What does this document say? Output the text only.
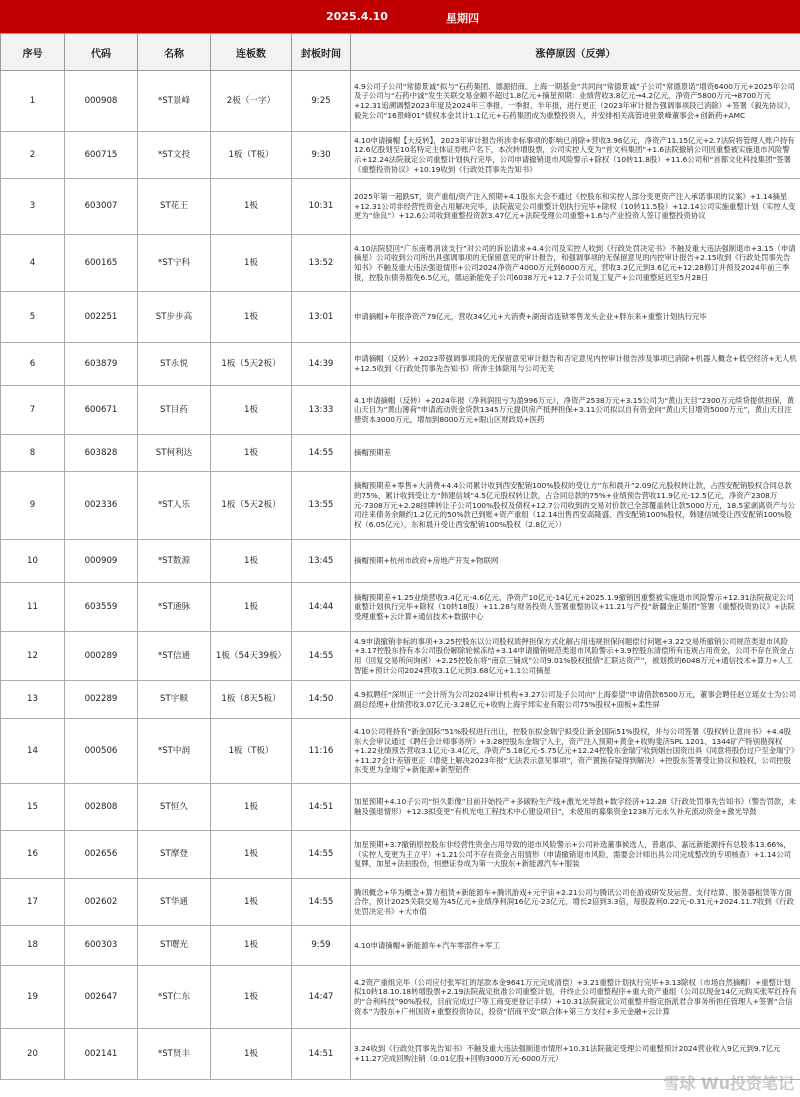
2025.4.10	星期四
序号	代码	名称	连板数	封板时间	涨停原因（反弹）
1	000908	*ST景峰	2板（一字）	9:25	4.9公司子公司“常德景诚”拟与“石药集团、德源招商、上海一期基金”共同向“常德景诚”子公司“常德景诺”增资6400万元+2025年公司及子公司与“石药中诚”发生关联交易金额不超过1.8亿元+摘星预期：业绩营收3.8亿元→4.2亿元，净资产5800万元→8700万元+12.31追溯调整2023年度及2024年三季报、一季报、半年报，进行更正（2023年审计报告强调事项段已消除）+签署《毅先协议》，毅先公司“16景峰01”债权本金共计1.1亿元+石药集团成为重整投资人，并安排相关高管进驻景峰董事会+创新药+AMC

2	600715	*ST文投	1板（T板）	9:30	4.10申请摘帽【大反转】，2023年审计报告所涉非标事项的影响已消除+营收3.96亿元，净资产11.15亿元+2.7法院将管理人账户持有12.6亿股划至10名特定主体证券账户名下，本次转增股票，公司实控人变为“首文科集团”+1.6法院撤销公司因重整被实施退市风险警示+12.24法院裁定公司重整计划执行完毕，公司申请撤销退市风险警示+除权（10转11.8股）+11.6公司和“首都文化科技集团”签署《重整投资协议》+10.19收到《行政处罚事先告知书》

3	603007	ST花王	1板	10:31	2025年第一超跌ST，资产重组/资产注入预期+4.1股东大会不通过《控股东和实控人部分变更资产注入承诺事项的议案》+1.14摘星+12.31公司非经营性资金占用解决完毕，法院裁定公司重整计划执行完毕+除权（10转11.5股）+12.14公司实施重整计划（实控人变更为“徐良”）+12.6公司收到重整投资款3.47亿元+法院受理公司重整+1.6与产业投资人签订重整投资协议

4	600165	*ST宁科	1板	13:52	4.10法院驳回“广东南粤消谈支行”对公司的诉讼请求+4.4公司及实控人收到《行政处罚决定书》不触及重大违法强制退市+3.15（申请摘星）公司收到公司所出具强调事项的无保留意见的审计报告，和强调事项的无保留意见的内控审计报告+2.15收到《行政处罚事先告知书》不触及重大违法强退情形+公司2024净资产4000万元到6000万元，营收3.2亿元到3.6亿元+12.28修订并预及2024年前三季报，控股东债务豁免6.5亿元，德运新能免子公司6038万元+12.7子公司复工复产+公司重整延迟至5月28日

5	002251	ST步步高	1板	13:01	申请摘帽+年报净资产79亿元，营收34亿元+大消费+湖南省连锁零售龙头企业+胖东来+重整计划执行完毕

6	603879	ST永悦	1板（5天2板）	14:39	申请摘帽（反转）+2023带强调事项段的无保留意见审计报告和否定意见内控审计报告涉及事项已消除+机器人概念+低空经济+无人机+12.5收到《行政处罚事先告知书》所涉主体除用与公司无关

7	600671	ST目药	1板	13:33	4.1申请摘帽（反转）+2024年报（净利润扭亏为盈996万元），净资产2538万元+3.15公司为“黄山天目”2300万元续贷提供担保，黄山天目为“黄山薄荷”申请流动资金贷款1345万元提供房产抵押担保+3.11公司拟以自有资金向“黄山天目增资5000万元”，黄山天目注册资本3000万元，增加到8000万元+眼山区财政局+医药

8	603828	ST柯利达	1板	14:55	摘帽预期差

9	002336	*ST人乐	1板（5天2板）	13:55	摘帽预期差+零售+大消费+4.4公司累计收到西安配销100%股权的受让方“东和晨升”2.09亿元股权转让款，占西安配销股权合同总款的75%，累计收到受让方“韩建信城”4.5亿元股权转让款，占合同总款的75%+业绩预告营收11.9亿元-12.5亿元，净资产2308万元-7308万元+2.28挂牌转让子公司100%股权及债权+12.7公司收到的交易对价款已全部覆盖转让款5000万元，18.5家剥离资产与公司往来债务余额约1.2亿元的50%款已到账+资产重组（12.14出售西安高隆盛、西安配销100%股权，韩建信城受让西安配销100%股权（6.05亿元），东和晨升受让西安配销100%股权（2.8亿元））

10	000909	*ST数源	1板	13:45	摘帽预期+杭州市政府+房地产开发+物联网

11	603559	*ST通脉	1板	14:44	摘帽预期差+1.25业绩营收3.4亿元-4.6亿元，净资产10亿元-14亿元+2025.1.9撤销因重整被实施退市风险警示+12.31法院裁定公司重整计划执行完毕+除权（10转18股）+11.28与财务投资人签署重整协议+11.21与产投“新疆金正集团”签署《重整投资协议》+法院受理重整+云计算+通信技术+数据中心

12	000289	*ST信通	1板（54天39板）	14:55	4.9申请撤销非标的事项+3.25控股东以公司股权质押担保方式化解占用违规担保问题偿付问题+3.22交易所撤销公司规范类退市风险+3.17控股东持有本公司股份解除轮候冻结+3.14申请撤销规范类退市风险警示+3.9控股东清偿所有违规占用资金，公司不存在资金占用（回复交易所问询函）+2.25控股东将“南京三铺成”公司9.01%股权抵债“汇联达资产”，被划拨的6048万元+通信技术+算力+人工智能+预计公司2024营收3.1亿元到3.68亿元+1.1公司摘星

13	002289	ST宇顺	1板（8天5板）	14:50	4.9拟聘任“深圳正一”会计所为公司2024审计机构+3.27公司及子公司向“上海泰望”申请借款6500万元，董事会聘任赵立瑶女士为公司副总经理+业绩营收3.07亿元-3.28亿元+收购上海宇邦实业有限公司75%股权+面板+柔性屏

14	000506	*ST中润	1板（T板）	11:16	4.10公司将持有“新金国际”51%股权进行出让，控股东拟金瑞宁拟受让新金国际51%股权，并与公司签署《股权转让意向书》+4.4股东大会审议通过《聘任会计师事务所》+3.28控股东金瑞宁入主，资产注入预期+黄金+收购斐济SPL 1201、1344矿产特别勘探权+1.22业绩预告营收3.1亿元-3.4亿元，净资产5.18亿元-5.75亿元+12.24控股东金瑞宁收到烟台国资出具《同意将股份过户至金瑞宁》+11.27会计差错更正（增使上解决2023年报“无法表示意见事项”，资产置换存疑得到解决）+控股东签署受让协议和股权，公司控股东变更为金瑞宁+新能源+新型铝件

15	002808	ST恒久	1板	14:51	加星预期+4.10子公司“恒久影像”目前开始投产+多碳粉生产线+激光光导鼓+数字经济+12.28《行政处罚事先告知书》（警告罚款，未触及强退情形）+12.3拟变更“有机光电工程技术中心建设项目”，未使用的募集资金1238万元永久补充流动资金+激光导鼓

16	002656	ST摩登	1板	14:55	加星预期+3.7撤销原控股东非经营性资金占用导致的退市风险警示+公司补选董事候选人，普惠添、嘉远新能源持有总股本13.66%，（实控人变更为王立平）+1.21公司不存在资金占用情形（申请撤销退市风险，需要会计师出具公司完成整改的专项核查）+1.14公司复牌，加星+法拍股份，恒懋证券成为第一大股东+新能源汽车+服装

17	002602	ST华通	1板	14:55	腾讯概念+华为概念+算力租赁+新能源车+腾讯游戏+元宇宙+2.21公司与腾讯公司在游戏研发及运营、支付结算、服务器租赁等方面合作，预计2025关联交易为45亿元+业绩净利润16亿元-23亿元，增长2倍到3.3倍，每股盈利0.22元-0.31元+2024.11.7收到《行政处罚决定书》+大市值

18	600303	ST曙光	1板	9:59	4.10申请摘帽+新能源车+汽车零部件+军工

19	002647	*ST仁东	1板	14:47	4.2资产重组完毕（公司应付张军红的尾款本金9641万元完成清偿）+3.21重整计划执行完毕+3.13除权（市场自然摘帽）+重整计划拟10转18.10.18转增股票+2.19法院裁定批准公司重整计划，并终止公司重整程序+重大资产重组（公司以现金14亿元购买张军红持有的“合利科技”90%股权，目前完成过户等工商变更登记手续）+10.31法院裁定公司重整并指定指派君合事务所担任管理人+签署“合信资本”为股东+广州国资+重整投资协议，投资“招商平安”联合体+第三方支付+多元金融+云计算

20	002141	*ST贤丰	1板	14:51	3.24收到《行政处罚事先告知书》不触及重大违法强制退市情形+10.31法院裁定受理公司重整预计2024营业收入9亿元到9.7亿元+11.27完成回购注销（0.01亿股+回购3000万元-6000万元）
雪球 Wu投资笔记
